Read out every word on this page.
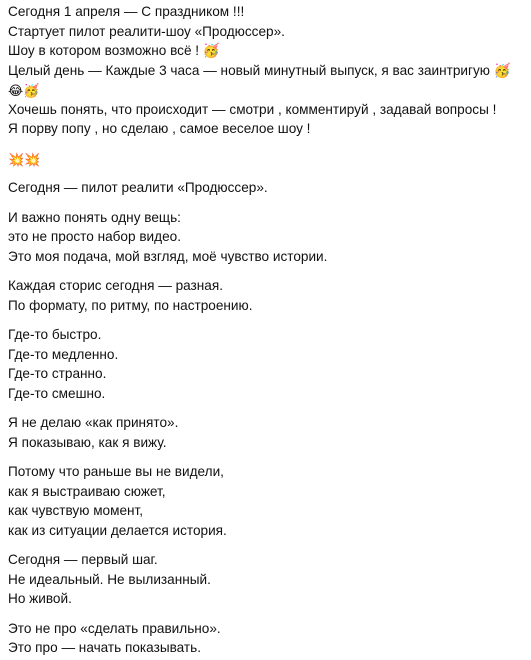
Сегодня 1 апреля — С праздником !!!
Стартует пилот реалити-шоу «Продюссер».
Шоу в котором возможно всё ! 🥳
Целый день — Каждые 3 часа — новый минутный выпуск, я вас заинтригую 🥳
😂🥳
Хочешь понять, что происходит — смотри , комментируй , задавай вопросы !
Я порву попу , но сделаю , самое веселое шоу !
💥💥
Сегодня — пилот реалити «Продюссер».
И важно понять одну вещь:
это не просто набор видео.
Это моя подача, мой взгляд, моё чувство истории.
Каждая сторис сегодня — разная.
По формату, по ритму, по настроению.
Где-то быстро.
Где-то медленно.
Где-то странно.
Где-то смешно.
Я не делаю «как принято».
Я показываю, как я вижу.
Потому что раньше вы не видели,
как я выстраиваю сюжет,
как чувствую момент,
как из ситуации делается история.
Сегодня — первый шаг.
Не идеальный. Не вылизанный.
Но живой.
Это не про «сделать правильно».
Это про — начать показывать.
